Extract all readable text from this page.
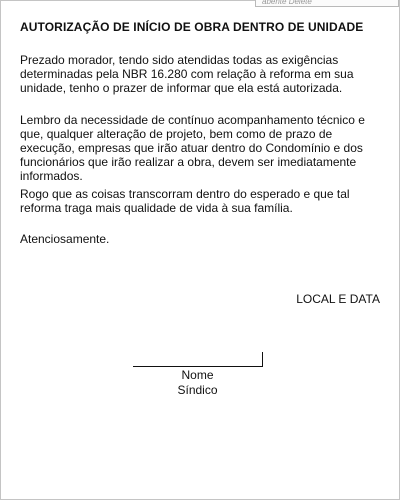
abente Delete
AUTORIZAÇÃO DE INÍCIO DE OBRA DENTRO DE UNIDADE

Prezado morador, tendo sido atendidas todas as exigências determinadas pela NBR 16.280 com relação à reforma em sua unidade, tenho o prazer de informar que ela está autorizada.

Lembro da necessidade de contínuo acompanhamento técnico e que, qualquer alteração de projeto, bem como de prazo de execução, empresas que irão atuar dentro do Condomínio e dos funcionários que irão realizar a obra, devem ser imediatamente informados.

Rogo que as coisas transcorram dentro do esperado e que tal reforma traga mais qualidade de vida à sua família.

Atenciosamente.

LOCAL E DATA

Nome

Síndico
